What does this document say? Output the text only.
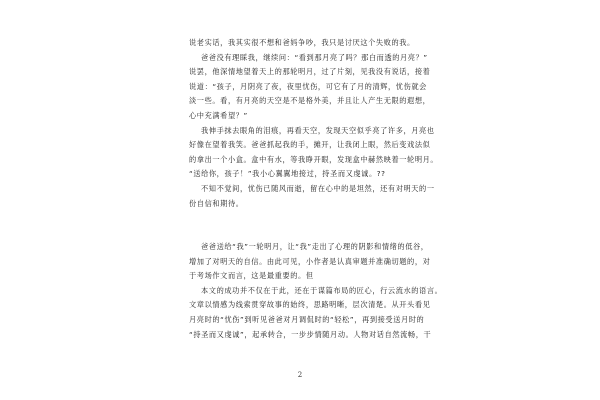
说老实话，我其实很不想和爸妈争吵，我只是讨厌这个失败的我。
爸爸没有理睬我，继续问：“看到那月亮了吗？那白而透的月亮？”
说罢，他深情地望着天上的那轮明月，过了片刻，见我没有说话，接着
说道：“孩子，月阴亮了夜，夜里忧伤，可它有了月的清辉，忧伤就会
淡一些。看，有月亮的天空是不是格外美，并且让人产生无限的遐想，
心中充满希望？”
我伸手抹去眼角的泪痕，再看天空，发现天空似乎亮了许多，月亮也
好像在望着我笑。爸爸抓起我的手，摊开，让我闭上眼，然后变戏法似
的拿出一个小盒。盒中有水，等我睁开眼，发现盒中赫然映着一轮明月。
“送给你，孩子！”我小心翼翼地接过，持圣而又虔诚。??
不知不觉间，忧伤已随风而逝，留在心中的是坦然，还有对明天的一
份自信和期待。
爸爸送给“我”一轮明月，让“我”走出了心理的阴影和情绪的低谷，
增加了对明天的自信。由此可见，小作者是认真审题并准确切题的，对
于考场作文而言，这是最重要的。但
本文的成功并不仅在于此，还在于谋篇布局的匠心，行云流水的语言。
文章以情感为线索贯穿故事的始终，思路明晰，层次清楚。从开头看见
月亮时的“忧伤”到听见爸爸对月调侃时的“轻松”，再到接受送月时的
“持圣而又虔诚”，起承转合，一步步情随月动。人物对话自然流畅，干
2
